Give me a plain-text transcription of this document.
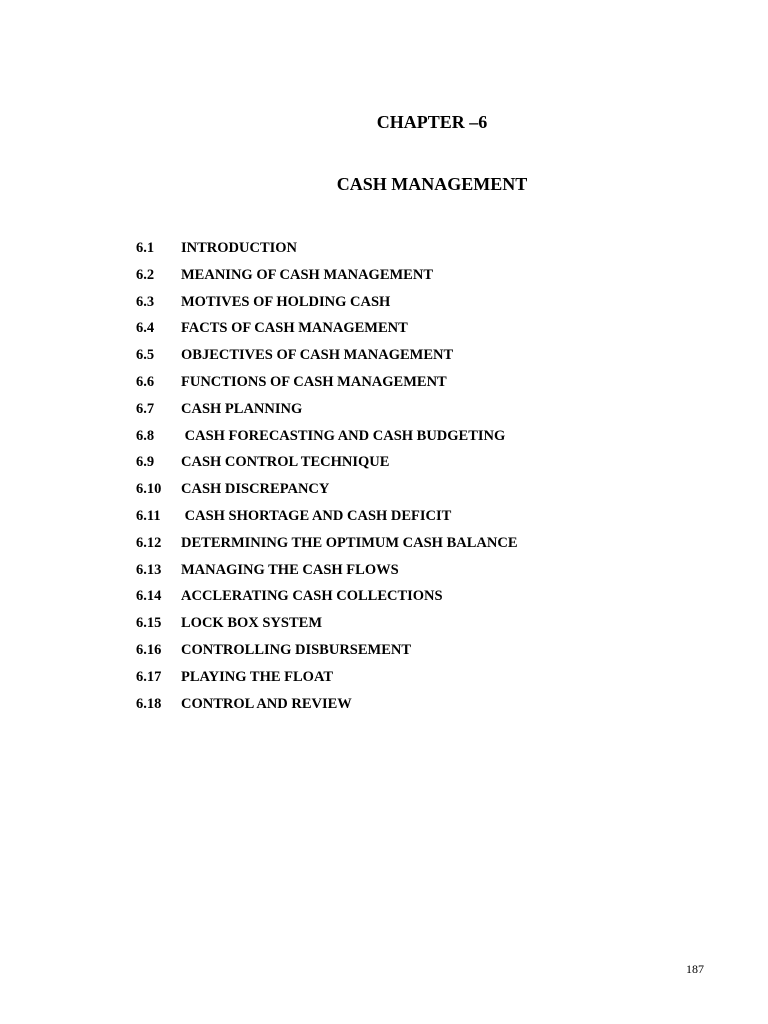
CHAPTER –6
CASH MANAGEMENT
6.1	INTRODUCTION
6.2	MEANING OF CASH MANAGEMENT
6.3	MOTIVES OF HOLDING CASH
6.4	FACTS OF CASH MANAGEMENT
6.5	OBJECTIVES OF CASH MANAGEMENT
6.6	FUNCTIONS OF CASH MANAGEMENT
6.7	CASH PLANNING
6.8	CASH FORECASTING AND CASH BUDGETING
6.9	CASH CONTROL TECHNIQUE
6.10	CASH DISCREPANCY
6.11	CASH SHORTAGE AND CASH DEFICIT
6.12	DETERMINING THE OPTIMUM CASH BALANCE
6.13	MANAGING THE CASH FLOWS
6.14	ACCLERATING CASH COLLECTIONS
6.15	LOCK BOX SYSTEM
6.16	CONTROLLING DISBURSEMENT
6.17	PLAYING THE FLOAT
6.18	CONTROL AND REVIEW
187
